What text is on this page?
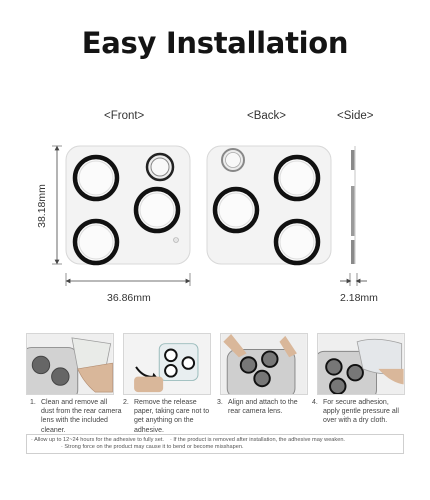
Easy Installation
<Front>	<Back>	<Side>
38.18mm
36.86mm	2.18mm
1. Clean and remove all dust from the rear camera lens with the included cleaner.
2. Remove the release paper, taking care not to get anything on the adhesive.
3. Align and attach to the rear camera lens.
4. For secure adhesion, apply gentle pressure all over with a dry cloth.
· Allow up to 12~24 hours for the adhesive to fully set. · If the product is removed after installation, the adhesive may weaken.
· Strong force on the product may cause it to bend or become misshapen.
